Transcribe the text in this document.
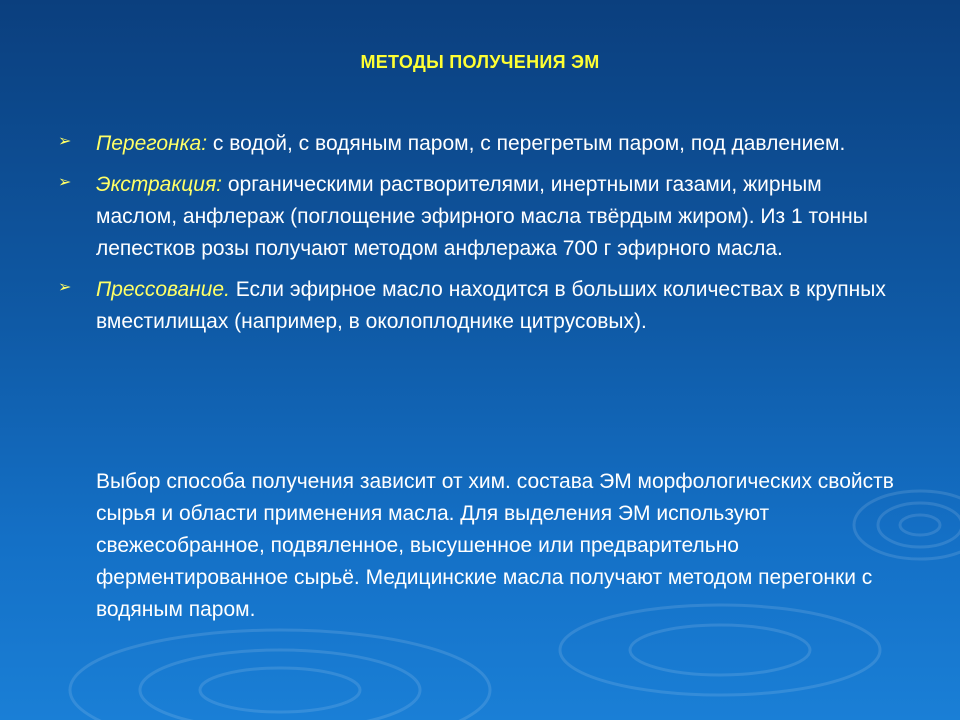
МЕТОДЫ ПОЛУЧЕНИЯ ЭМ
➢ Перегонка: с водой, с водяным паром, с перегретым паром, под давлением.
➢ Экстракция: органическими растворителями, инертными газами, жирным маслом, анфлераж (поглощение эфирного масла твёрдым жиром). Из 1 тонны лепестков розы получают методом анфлеража 700 г эфирного масла.
➢ Прессование. Если эфирное масло находится в больших количествах в крупных вместилищах (например, в околоплоднике цитрусовых).
Выбор способа получения зависит от хим. состава ЭМ морфологических свойств сырья и области применения масла. Для выделения ЭМ используют свежесобранное, подвяленное, высушенное или предварительно ферментированное сырьё. Медицинские масла получают методом перегонки с водяным паром.
